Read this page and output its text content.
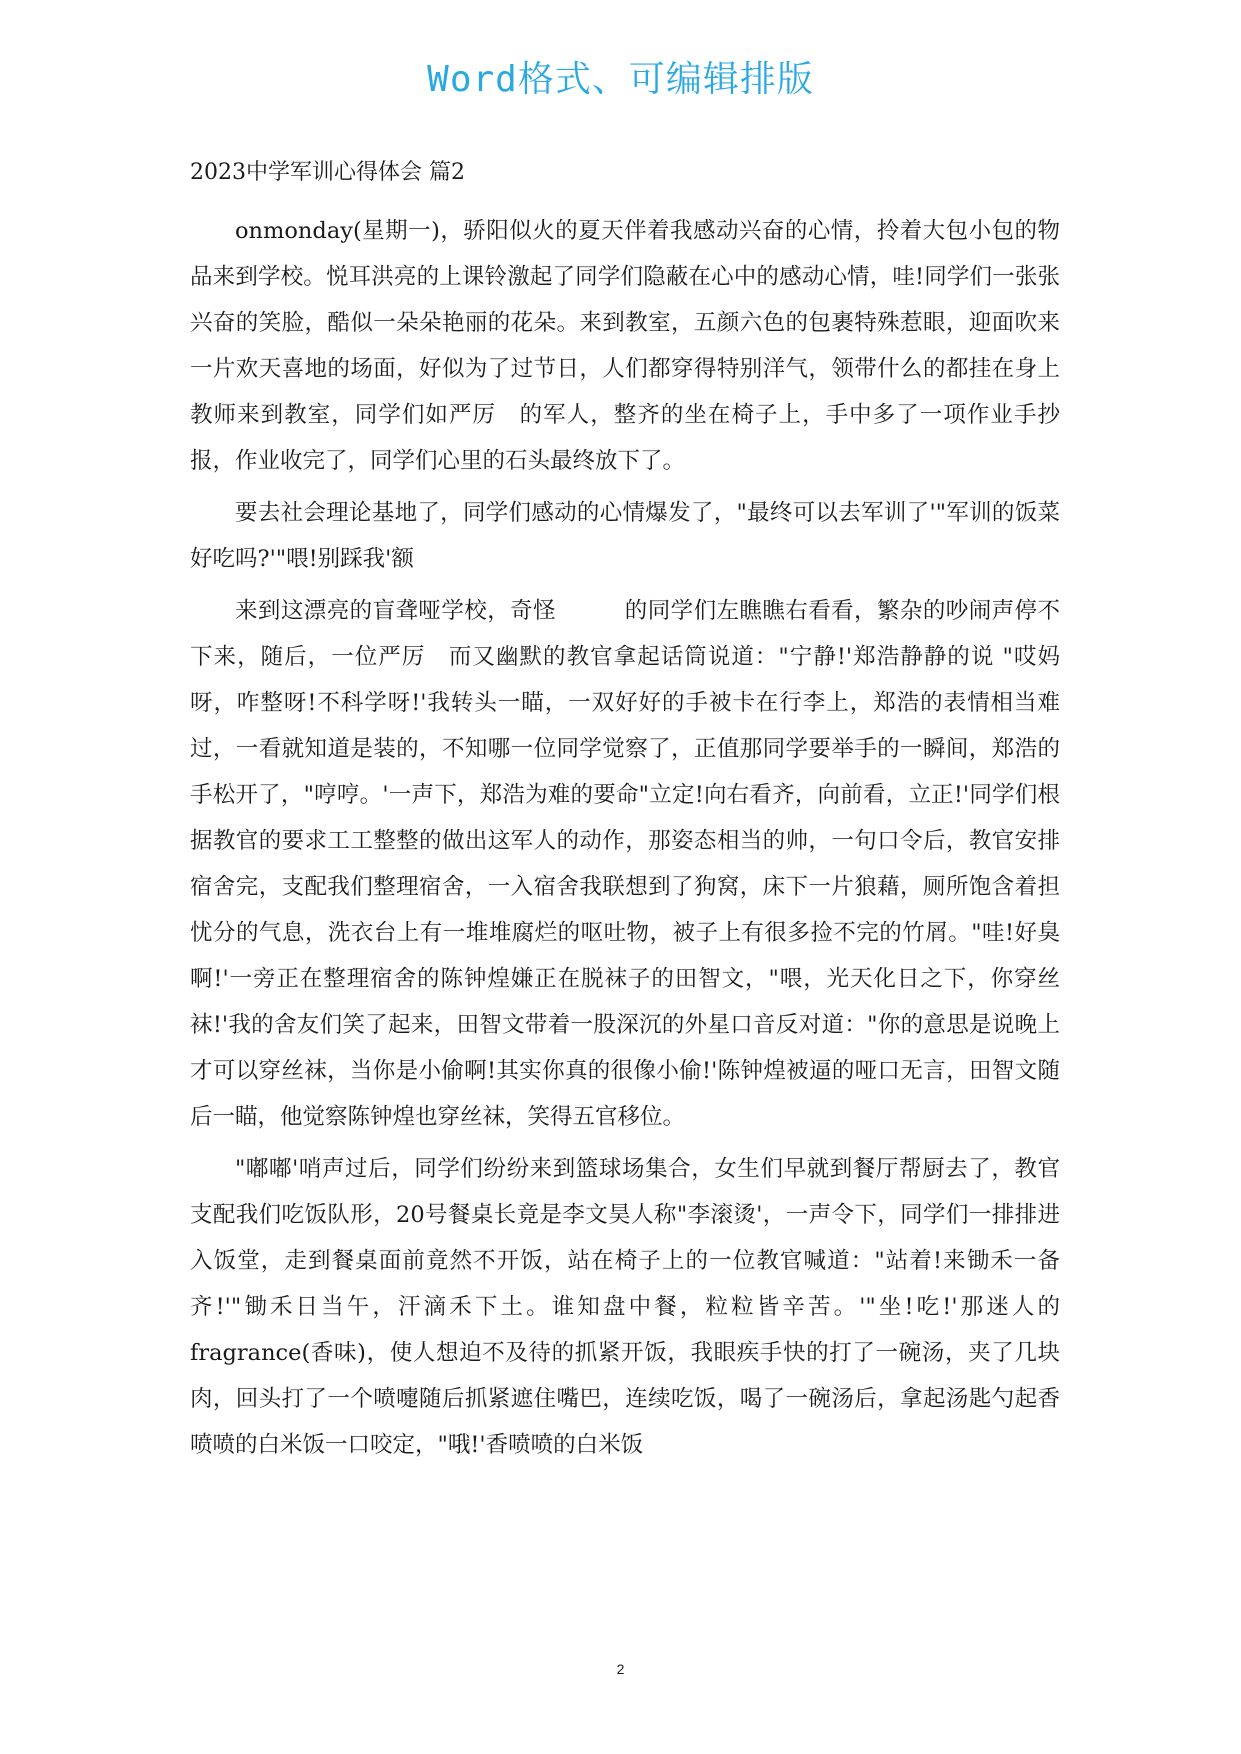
Word格式、可编辑排版
2023中学军训心得体会 篇2

onmonday(星期一)，骄阳似火的夏天伴着我感动兴奋的心情，拎着大包小包的物品来到学校。悦耳洪亮的上课铃激起了同学们隐蔽在心中的感动心情，哇!同学们一张张兴奋的笑脸，酷似一朵朵艳丽的花朵。来到教室，五颜六色的包裹特殊惹眼，迎面吹来一片欢天喜地的场面，好似为了过节日，人们都穿得特别洋气，领带什么的都挂在身上教师来到教室，同学们如严厉　的军人，整齐的坐在椅子上，手中多了一项作业手抄报，作业收完了，同学们心里的石头最终放下了。

要去社会理论基地了，同学们感动的心情爆发了，"最终可以去军训了'"军训的饭菜好吃吗?'"喂!别踩我'额

来到这漂亮的盲聋哑学校，奇怪　　　的同学们左瞧瞧右看看，繁杂的吵闹声停不下来，随后，一位严厉　而又幽默的教官拿起话筒说道："宁静!'郑浩静静的说 "哎妈呀，咋整呀!不科学呀!'我转头一瞄，一双好好的手被卡在行李上，郑浩的表情相当难过，一看就知道是装的，不知哪一位同学觉察了，正值那同学要举手的一瞬间，郑浩的手松开了，"哼哼。'一声下，郑浩为难的要命"立定!向右看齐，向前看，立正!'同学们根据教官的要求工工整整的做出这军人的动作，那姿态相当的帅，一句口令后，教官安排宿舍完，支配我们整理宿舍，一入宿舍我联想到了狗窝，床下一片狼藉，厕所饱含着担忧分的气息，洗衣台上有一堆堆腐烂的呕吐物，被子上有很多捡不完的竹屑。"哇!好臭啊!'一旁正在整理宿舍的陈钟煌嫌正在脱袜子的田智文，"喂，光天化日之下，你穿丝袜!'我的舍友们笑了起来，田智文带着一股深沉的外星口音反对道："你的意思是说晚上才可以穿丝袜，当你是小偷啊!其实你真的很像小偷!'陈钟煌被逼的哑口无言，田智文随后一瞄，他觉察陈钟煌也穿丝袜，笑得五官移位。

"嘟嘟'哨声过后，同学们纷纷来到篮球场集合，女生们早就到餐厅帮厨去了，教官支配我们吃饭队形，20号餐桌长竟是李文昊人称"李滚烫'，一声令下，同学们一排排进入饭堂，走到餐桌面前竟然不开饭，站在椅子上的一位教官喊道："站着!来锄禾一备齐!'"锄禾日当午，汗滴禾下土。谁知盘中餐，粒粒皆辛苦。'"坐!吃!'那迷人的fragrance(香味)，使人想迫不及待的抓紧开饭，我眼疾手快的打了一碗汤，夹了几块肉，回头打了一个喷嚏随后抓紧遮住嘴巴，连续吃饭，喝了一碗汤后，拿起汤匙勺起香喷喷的白米饭一口咬定，"哦!'香喷喷的白米饭

2
